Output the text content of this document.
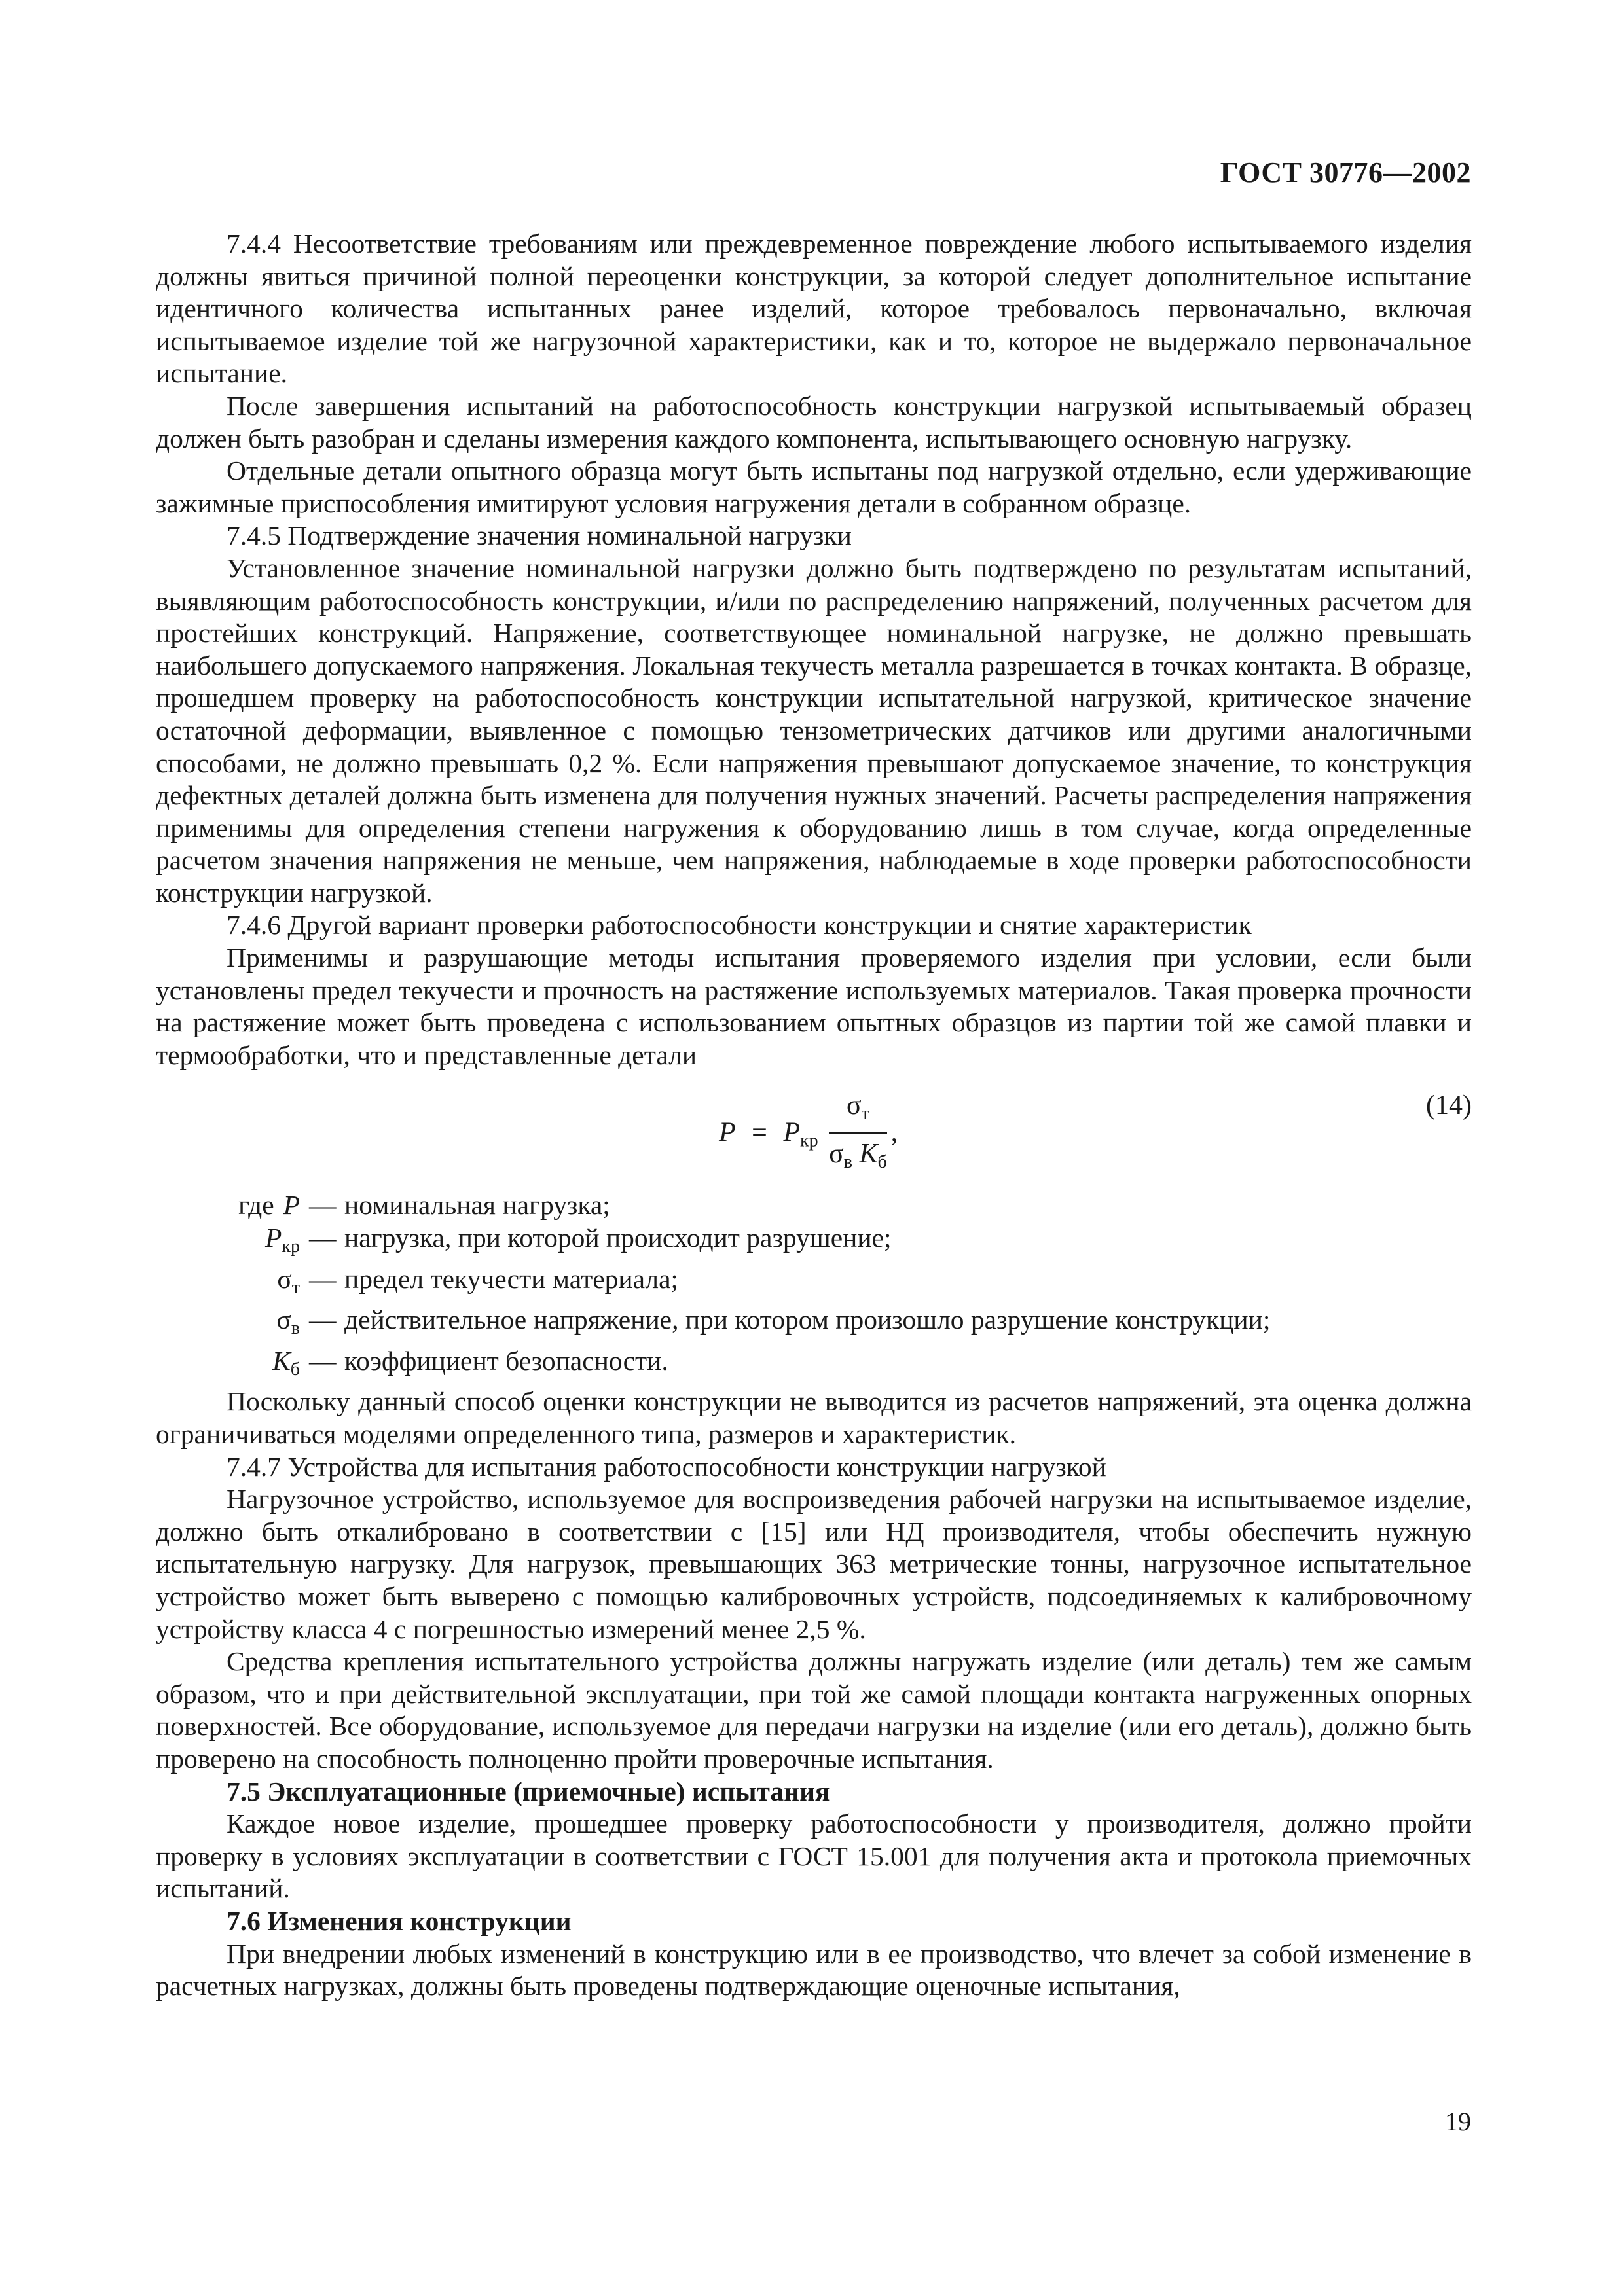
ГОСТ 30776—2002

7.4.4 Несоответствие требованиям или преждевременное повреждение любого испытываемого изделия должны явиться причиной полной переоценки конструкции, за которой следует дополнительное испытание идентичного количества испытанных ранее изделий, которое требовалось первоначально, включая испытываемое изделие той же нагрузочной характеристики, как и то, которое не выдержало первоначальное испытание.

После завершения испытаний на работоспособность конструкции нагрузкой испытываемый образец должен быть разобран и сделаны измерения каждого компонента, испытывающего основную нагрузку.

Отдельные детали опытного образца могут быть испытаны под нагрузкой отдельно, если удерживающие зажимные приспособления имитируют условия нагружения детали в собранном образце.

7.4.5 Подтверждение значения номинальной нагрузки

Установленное значение номинальной нагрузки должно быть подтверждено по результатам испытаний, выявляющим работоспособность конструкции, и/или по распределению напряжений, полученных расчетом для простейших конструкций. Напряжение, соответствующее номинальной нагрузке, не должно превышать наибольшего допускаемого напряжения. Локальная текучесть металла разрешается в точках контакта. В образце, прошедшем проверку на работоспособность конструкции испытательной нагрузкой, критическое значение остаточной деформации, выявленное с помощью тензометрических датчиков или другими аналогичными способами, не должно превышать 0,2 %. Если напряжения превышают допускаемое значение, то конструкция дефектных деталей должна быть изменена для получения нужных значений. Расчеты распределения напряжения применимы для определения степени нагружения к оборудованию лишь в том случае, когда определенные расчетом значения напряжения не меньше, чем напряжения, наблюдаемые в ходе проверки работоспособности конструкции нагрузкой.

7.4.6 Другой вариант проверки работоспособности конструкции и снятие характеристик

Применимы и разрушающие методы испытания проверяемого изделия при условии, если были установлены предел текучести и прочность на растяжение используемых материалов. Такая проверка прочности на растяжение может быть проведена с использованием опытных образцов из партии той же самой плавки и термообработки, что и представленные детали

$P = P_{кр} \frac{\sigma_т}{\sigma_в K_б}$ ,
(14)
где P — номинальная нагрузка;
$P_{кр}$ — нагрузка, при которой происходит разрушение;
$\sigma_т$ — предел текучести материала;
$\sigma_в$ — действительное напряжение, при котором произошло разрушение конструкции;
$K_б$ — коэффициент безопасности.

Поскольку данный способ оценки конструкции не выводится из расчетов напряжений, эта оценка должна ограничиваться моделями определенного типа, размеров и характеристик.

7.4.7 Устройства для испытания работоспособности конструкции нагрузкой

Нагрузочное устройство, используемое для воспроизведения рабочей нагрузки на испытываемое изделие, должно быть откалибровано в соответствии с [15] или НД производителя, чтобы обеспечить нужную испытательную нагрузку. Для нагрузок, превышающих 363 метрические тонны, нагрузочное испытательное устройство может быть выверено с помощью калибровочных устройств, подсоединяемых к калибровочному устройству класса 4 с погрешностью измерений менее 2,5 %.

Средства крепления испытательного устройства должны нагружать изделие (или деталь) тем же самым образом, что и при действительной эксплуатации, при той же самой площади контакта нагруженных опорных поверхностей. Все оборудование, используемое для передачи нагрузки на изделие (или его деталь), должно быть проверено на способность полноценно пройти проверочные испытания.

7.5 Эксплуатационные (приемочные) испытания

Каждое новое изделие, прошедшее проверку работоспособности у производителя, должно пройти проверку в условиях эксплуатации в соответствии с ГОСТ 15.001 для получения акта и протокола приемочных испытаний.

7.6 Изменения конструкции

При внедрении любых изменений в конструкцию или в ее производство, что влечет за собой изменение в расчетных нагрузках, должны быть проведены подтверждающие оценочные испытания,

19
